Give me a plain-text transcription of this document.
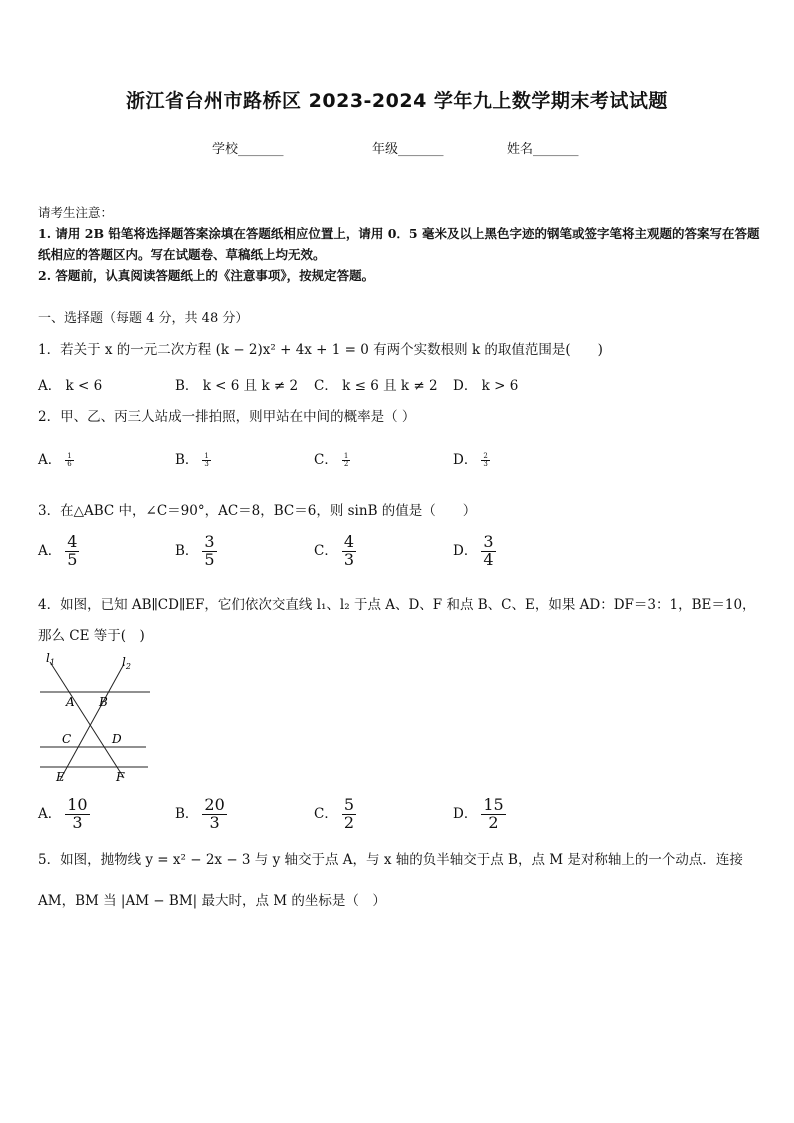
浙江省台州市路桥区 2023-2024 学年九上数学期末考试试题
学校_______	年级_______	姓名_______
请考生注意：
1. 请用 2B 铅笔将选择题答案涂填在答题纸相应位置上，请用 0．5 毫米及以上黑色字迹的钢笔或签字笔将主观题的答案写在答题纸相应的答题区内。写在试题卷、草稿纸上均无效。
2. 答题前，认真阅读答题纸上的《注意事项》，按规定答题。
一、选择题（每题 4 分，共 48 分）
1．若关于 x 的一元二次方程 (k − 2)x² + 4x + 1 = 0 有两个实数根则 k 的取值范围是(　　)
A． k < 6	B． k < 6 且 k ≠ 2 C． k ≤ 6 且 k ≠ 2 D． k > 6
2．甲、乙、丙三人站成一排拍照，则甲站在中间的概率是（ ）
A． $\frac{1}{6}$	B． $\frac{1}{3}$	C． $\frac{1}{2}$	D． $\frac{2}{3}$
3．在△ABC 中，∠C＝90°，AC＝8，BC＝6，则 sinB 的值是（　　）
A． $\frac{4}{5}$	B． $\frac{3}{5}$	C． $\frac{4}{3}$	D． $\frac{3}{4}$
4．如图，已知 AB∥CD∥EF，它们依次交直线 l₁、l₂ 于点 A、D、F 和点 B、C、E，如果 AD：DF＝3：1，BE＝10，
那么 CE 等于(　)
$l_1$	$l_2$
A B
C	D
E	F
A． $\frac{10}{3}$	B． $\frac{20}{3}$	C． $\frac{5}{2}$	D． $\frac{15}{2}$
5．如图，抛物线 y = x² − 2x − 3 与 y 轴交于点 A，与 x 轴的负半轴交于点 B，点 M 是对称轴上的一个动点．连接
AM，BM 当 |AM − BM| 最大时，点 M 的坐标是（　）
